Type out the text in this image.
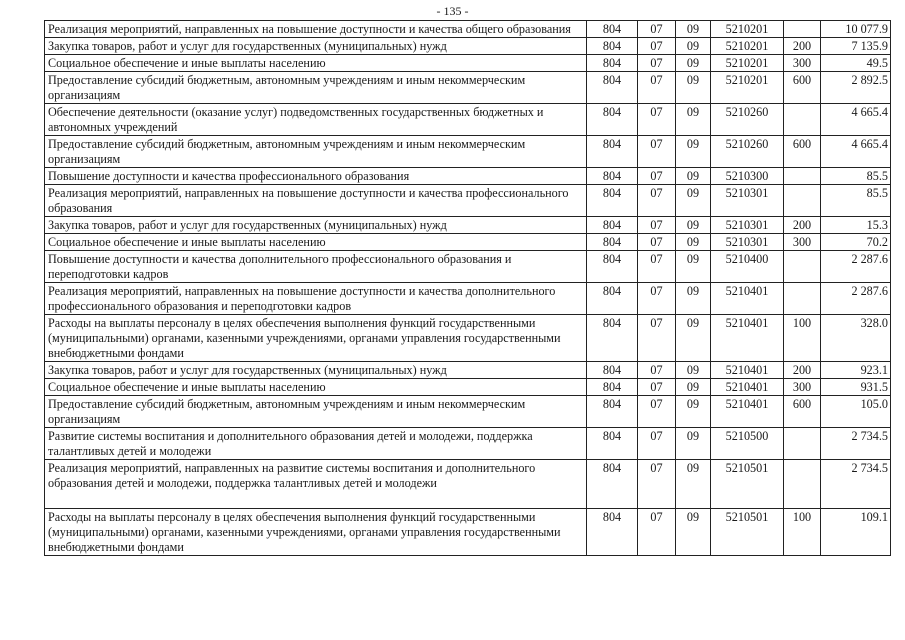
- 135 -
Реализация мероприятий, направленных на повышение доступности и качества общего образования	804	07	09	5210201		10 077.9
Закупка товаров, работ и услуг для государственных (муниципальных) нужд	804	07	09	5210201	200	7 135.9
Социальное обеспечение и иные выплаты населению	804	07	09	5210201	300	49.5
Предоставление субсидий бюджетным, автономным учреждениям и иным некоммерческим организациям	804	07	09	5210201	600	2 892.5
Обеспечение деятельности (оказание услуг) подведомственных государственных бюджетных и автономных учреждений	804	07	09	5210260		4 665.4
Предоставление субсидий бюджетным, автономным учреждениям и иным некоммерческим организациям	804	07	09	5210260	600	4 665.4
Повышение доступности и качества профессионального образования	804	07	09	5210300		85.5
Реализация мероприятий, направленных на повышение доступности и качества профессионального образования	804	07	09	5210301		85.5
Закупка товаров, работ и услуг для государственных (муниципальных) нужд	804	07	09	5210301	200	15.3
Социальное обеспечение и иные выплаты населению	804	07	09	5210301	300	70.2
Повышение доступности и качества дополнительного профессионального образования и переподготовки кадров	804	07	09	5210400		2 287.6
Реализация мероприятий, направленных на повышение доступности и качества дополнительного профессионального образования и переподготовки кадров	804	07	09	5210401		2 287.6
Расходы на выплаты персоналу в целях обеспечения выполнения функций государственными (муниципальными) органами, казенными учреждениями, органами управления государственными внебюджетными фондами	804	07	09	5210401	100	328.0
Закупка товаров, работ и услуг для государственных (муниципальных) нужд	804	07	09	5210401	200	923.1
Социальное обеспечение и иные выплаты населению	804	07	09	5210401	300	931.5
Предоставление субсидий бюджетным, автономным учреждениям и иным некоммерческим организациям	804	07	09	5210401	600	105.0
Развитие системы воспитания и дополнительного образования детей и молодежи, поддержка талантливых детей и молодежи	804	07	09	5210500		2 734.5
Реализация мероприятий, направленных на развитие системы воспитания и дополнительного образования детей и молодежи, поддержка талантливых детей и молодежи	804	07	09	5210501		2 734.5
Расходы на выплаты персоналу в целях обеспечения выполнения функций государственными (муниципальными) органами, казенными учреждениями, органами управления государственными внебюджетными фондами	804	07	09	5210501	100	109.1
